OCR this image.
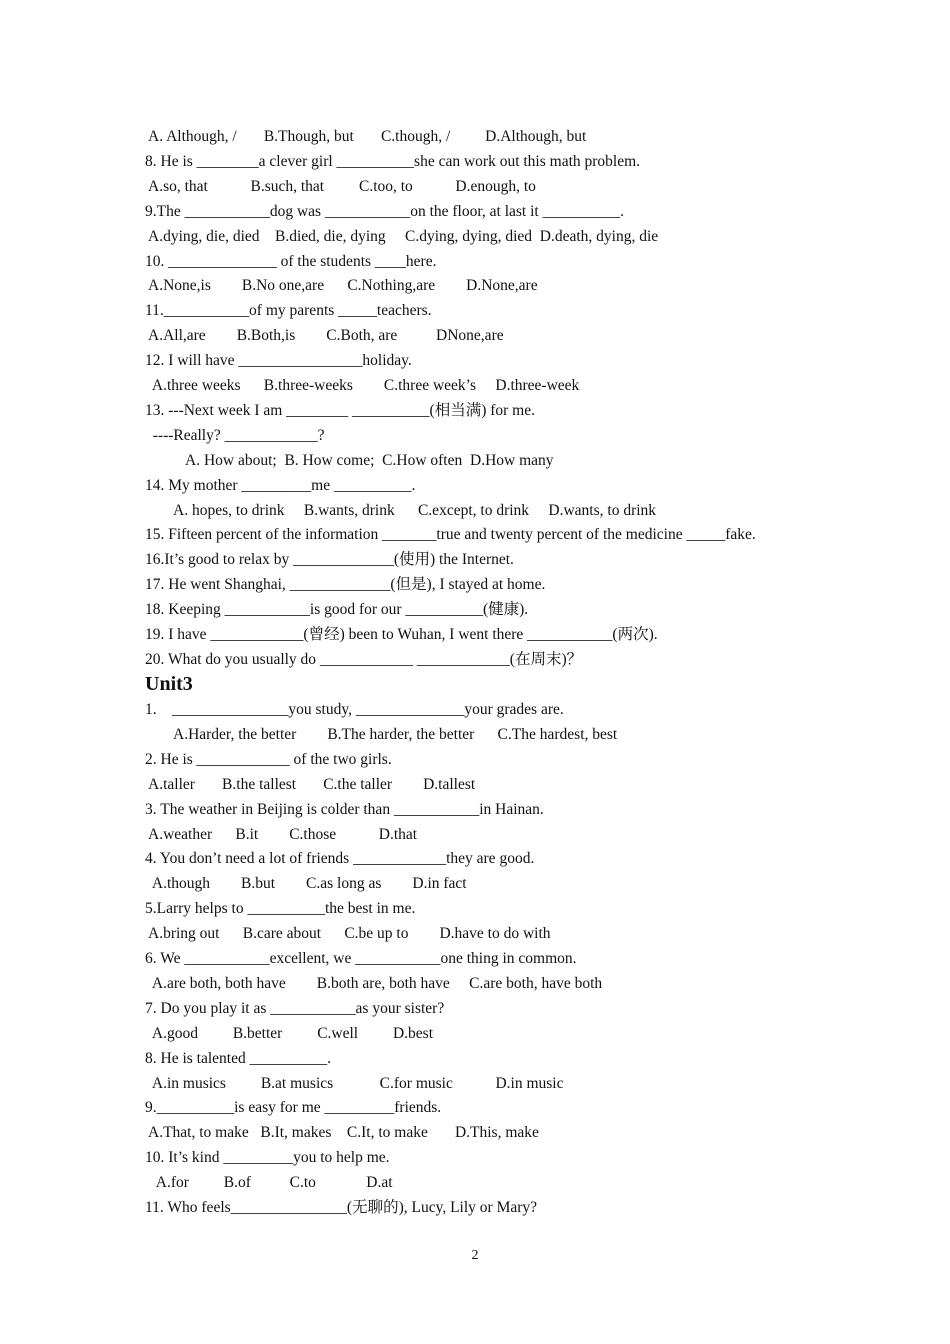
A. Although, /       B.Though, but       C.though, /         D.Although, but
8. He is ________a clever girl __________she can work out this math problem.
A.so, that           B.such, that         C.too, to           D.enough, to
9.The ___________dog was ___________on the floor, at last it __________.
A.dying, die, died    B.died, die, dying     C.dying, dying, died  D.death, dying, die
10. ______________ of the students ____here.
A.None,is        B.No one,are      C.Nothing,are        D.None,are
11.___________of my parents _____teachers.
A.All,are        B.Both,is        C.Both, are          DNone,are
12. I will have ________________holiday.
A.three weeks      B.three-weeks        C.three week’s     D.three-week
13. ---Next week I am ________ __________(相当满) for me.
----Really? ____________?
A. How about;  B. How come;  C.How often  D.How many
14. My mother _________me __________.
A. hopes, to drink     B.wants, drink      C.except, to drink     D.wants, to drink
15. Fifteen percent of the information _______true and twenty percent of the medicine _____fake.
16.It’s good to relax by _____________(使用) the Internet.
17. He went Shanghai, _____________(但是), I stayed at home.
18. Keeping ___________is good for our __________(健康).
19. I have ____________(曾经) been to Wuhan, I went there ___________(两次).
20. What do you usually do ____________ ____________(在周末)？
Unit3
1.    _______________you study, ______________your grades are.
A.Harder, the better        B.The harder, the better      C.The hardest, best
2. He is ____________ of the two girls.
A.taller       B.the tallest       C.the taller        D.tallest
3. The weather in Beijing is colder than ___________in Hainan.
A.weather      B.it        C.those           D.that
4. You don’t need a lot of friends ____________they are good.
A.though        B.but        C.as long as        D.in fact
5.Larry helps to __________the best in me.
A.bring out      B.care about      C.be up to        D.have to do with
6. We ___________excellent, we ___________one thing in common.
A.are both, both have        B.both are, both have     C.are both, have both
7. Do you play it as ___________as your sister?
A.good         B.better         C.well         D.best
8. He is talented __________.
A.in musics         B.at musics            C.for music           D.in music
9.__________is easy for me _________friends.
A.That, to make   B.It, makes    C.It, to make       D.This, make
10. It’s kind _________you to help me.
A.for         B.of          C.to             D.at
11. Who feels_______________(无聊的), Lucy, Lily or Mary?
2
